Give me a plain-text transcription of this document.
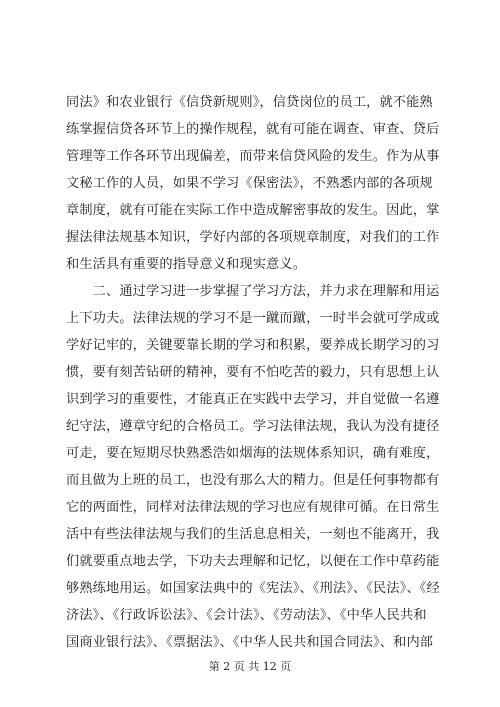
同法》和农业银行《信贷新规则》，信贷岗位的员工，就不能熟
练掌握信贷各环节上的操作规程，就有可能在调查、审查、贷后
管理等工作各环节出现偏差，而带来信贷风险的发生。作为从事
文秘工作的人员，如果不学习《保密法》，不熟悉内部的各项规
章制度，就有可能在实际工作中造成解密事故的发生。因此，掌
握法律法规基本知识，学好内部的各项规章制度，对我们的工作
和生活具有重要的指导意义和现实意义。
　　二、通过学习进一步掌握了学习方法，并力求在理解和用运
上下功夫。法律法规的学习不是一蹴而蹴，一时半会就可学成或
学好记牢的，关键要靠长期的学习和积累，要养成长期学习的习
惯，要有刻苦钻研的精神，要有不怕吃苦的毅力，只有思想上认
识到学习的重要性，才能真正在实践中去学习，并自觉做一名遵
纪守法，遵章守纪的合格员工。学习法律法规，我认为没有捷径
可走，要在短期尽快熟悉浩如烟海的法规体系知识，确有难度，
而且做为上班的员工，也没有那么大的精力。但是任何事物都有
它的两面性，同样对法律法规的学习也应有规律可循。在日常生
活中有些法律法规与我们的生活息息相关，一刻也不能离开，我
们就要重点地去学，下功夫去理解和记忆，以便在工作中草药能
够熟练地用运。如国家法典中的《宪法》、《刑法》、《民法》、《经
济法》、《行政诉讼法》、《会计法》、《劳动法》、《中华人民共和
国商业银行法》、《票据法》、《中华人民共和国合同法》、和内部
第 2 页 共 12 页
